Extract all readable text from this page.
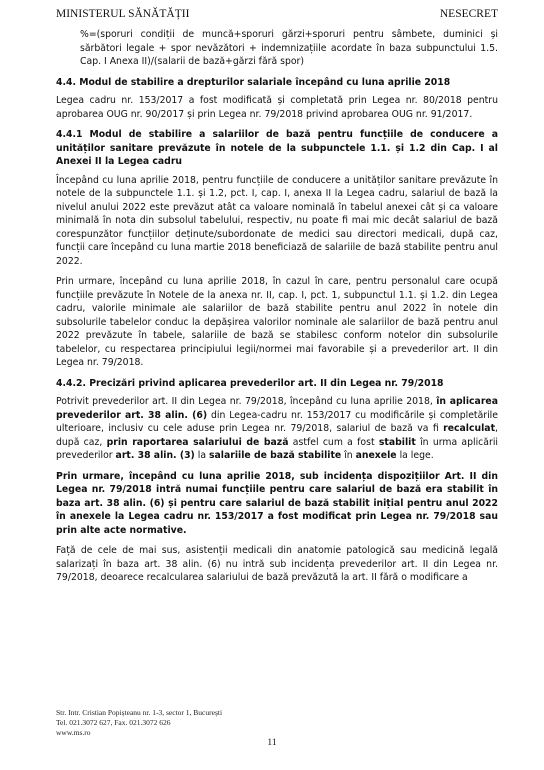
MINISTERUL SĂNĂTĂȚII	NESECRET

%=(sporuri condiții de muncă+sporuri gărzi+sporuri pentru sâmbete, duminici și sărbători legale + spor nevăzători + indemnizațiile acordate în baza subpunctului 1.5. Cap. I Anexa II)/(salarii de bază+gărzi fără spor)

4.4. Modul de stabilire a drepturilor salariale începând cu luna aprilie 2018

Legea cadru nr. 153/2017 a fost modificată și completată prin Legea nr. 80/2018 pentru aprobarea OUG nr. 90/2017 și prin Legea nr. 79/2018 privind aprobarea OUG nr. 91/2017.

4.4.1 Modul de stabilire a salariilor de bază pentru funcțiile de conducere a unităților sanitare prevăzute în notele de la subpunctele 1.1. și 1.2 din Cap. I al Anexei II la Legea cadru

Începând cu luna aprilie 2018, pentru funcțiile de conducere a unităților sanitare prevăzute în notele de la subpunctele 1.1. și 1.2, pct. I, cap. I, anexa II la Legea cadru, salariul de bază la nivelul anului 2022 este prevăzut atât ca valoare nominală în tabelul anexei cât și ca valoare minimală în nota din subsolul tabelului, respectiv, nu poate fi mai mic decât salariul de bază corespunzător funcțiilor deținute/subordonate de medici sau directori medicali, după caz, funcții care începând cu luna martie 2018 beneficiază de salariile de bază stabilite pentru anul 2022.

Prin urmare, începând cu luna aprilie 2018, în cazul în care, pentru personalul care ocupă funcțiile prevăzute în Notele de la anexa nr. II, cap. I, pct. 1, subpunctul 1.1. și 1.2. din Legea cadru, valorile minimale ale salariilor de bază stabilite pentru anul 2022 în notele din subsolurile tabelelor conduc la depășirea valorilor nominale ale salariilor de bază pentru anul 2022 prevăzute în tabele, salariile de bază se stabilesc conform notelor din subsolurile tabelelor, cu respectarea principiului legii/normei mai favorabile și a prevederilor art. II din Legea nr. 79/2018.

4.4.2. Precizări privind aplicarea prevederilor art. II din Legea nr. 79/2018

Potrivit prevederilor art. II din Legea nr. 79/2018, începând cu luna aprilie 2018, în aplicarea prevederilor art. 38 alin. (6) din Legea-cadru nr. 153/2017 cu modificările și completările ulterioare, inclusiv cu cele aduse prin Legea nr. 79/2018, salariul de bază va fi recalculat, după caz, prin raportarea salariului de bază astfel cum a fost stabilit în urma aplicării prevederilor art. 38 alin. (3) la salariile de bază stabilite în anexele la lege.

Prin urmare, începând cu luna aprilie 2018, sub incidența dispozițiilor Art. II din Legea nr. 79/2018 intră numai funcțiile pentru care salariul de bază era stabilit în baza art. 38 alin. (6) și pentru care salariul de bază stabilit inițial pentru anul 2022 în anexele la Legea cadru nr. 153/2017 a fost modificat prin Legea nr. 79/2018 sau prin alte acte normative.

Față de cele de mai sus, asistenții medicali din anatomie patologică sau medicină legală salarizați în baza art. 38 alin. (6) nu intră sub incidența prevederilor art. II din Legea nr. 79/2018, deoarece recalcularea salariului de bază prevăzută la art. II fără o modificare a

Str. Intr. Cristian Popișteanu nr. 1-3, sector 1, București
Tel. 021.3072 627, Fax. 021.3072 626
www.ms.ro
11
